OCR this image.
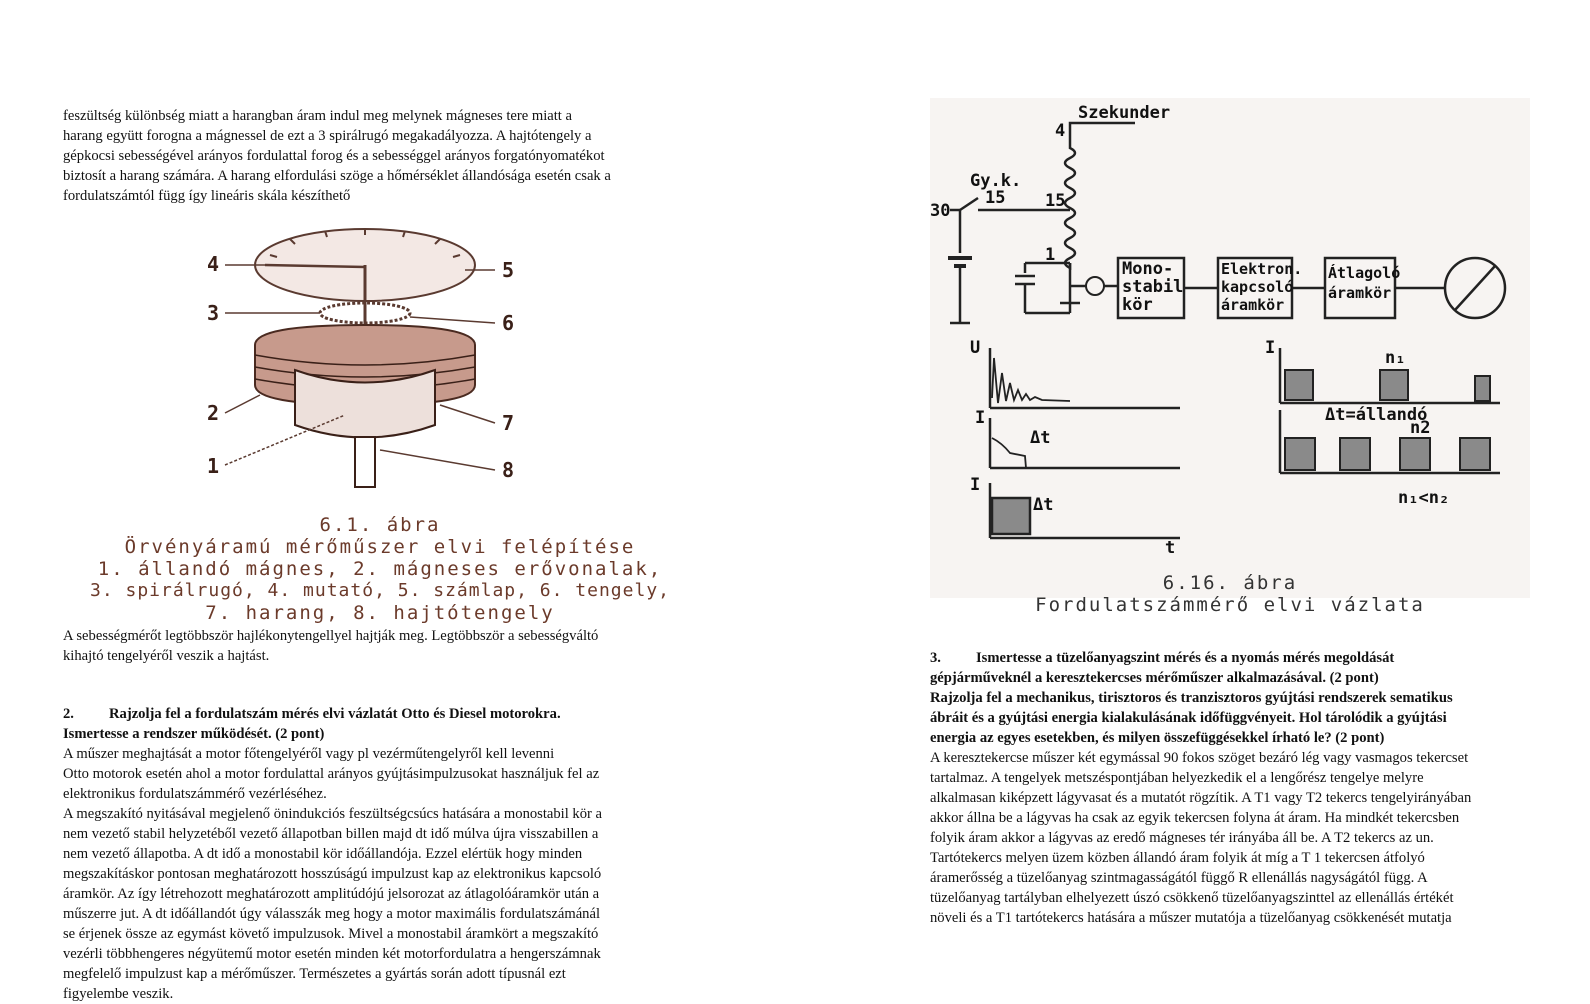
feszültség különbség miatt a harangban áram indul meg melynek mágneses tere miatt a
harang együtt forogna a mágnessel de ezt a 3 spirálrugó megakadályozza. A hajtótengely a
gépkocsi sebességével arányos fordulattal forog és a sebességgel arányos forgatónyomatékot
biztosít a harang számára. A harang elfordulási szöge a hőmérséklet állandósága esetén csak a
fordulatszámtól függ így lineáris skála készíthető
4	5
3	6
2	7
1	8
6.1. ábra
Örvényáramú mérőműszer elvi felépítése
1. állandó mágnes, 2. mágneses erővonalak,
3. spirálrugó, 4. mutató, 5. számlap, 6. tengely,
7. harang, 8. hajtótengely
A sebességmérőt legtöbbször hajlékonytengellyel hajtják meg. Legtöbbször a sebességváltó
kihajtó tengelyéről veszik a hajtást.
2. Rajzolja fel a fordulatszám mérés elvi vázlatát Otto és Diesel motorokra.
Ismertesse a rendszer működését. (2 pont)
A műszer meghajtását a motor főtengelyéről vagy pl vezérműtengelyről kell levenni
Otto motorok esetén ahol a motor fordulattal arányos gyújtásimpulzusokat használjuk fel az
elektronikus fordulatszámmérő vezérléséhez.
A megszakító nyitásával megjelenő önindukciós feszültségcsúcs hatására a monostabil kör a
nem vezető stabil helyzetéből vezető állapotban billen majd dt idő múlva újra visszabillen a
nem vezető állapotba. A dt idő a monostabil kör időállandója. Ezzel elértük hogy minden
megszakításkor pontosan meghatározott hosszúságú impulzust kap az elektronikus kapcsoló
áramkör. Az így létrehozott meghatározott amplitúdójú jelsorozat az átlagolóáramkör után a
műszerre jut. A dt időállandót úgy válasszák meg hogy a motor maximális fordulatszámánál
se érjenek össze az egymást követő impulzusok. Mivel a monostabil áramkört a megszakító
vezérli többhengeres négyütemű motor esetén minden két motorfordulatra a hengerszámnak
megfelelő impulzust kap a mérőműszer. Természetes a gyártás során adott típusnál ezt
figyelembe veszik.
Szekunder
4
Gy.k.
30
15 15
1
Mono-
stabil
kör
Elektron.
kapcsoló
áramkör
Átlagoló
áramkör
U
I
I
I
t
Δt
Δt
n₁
n2
Δt=állandó
n₁<n₂
6.16. ábra
Fordulatszámmérő elvi vázlata
3. Ismertesse a tüzelőanyagszint mérés és a nyomás mérés megoldását
gépjárműveknél a keresztekercses mérőműszer alkalmazásával. (2 pont)
Rajzolja fel a mechanikus, tirisztoros és tranzisztoros gyújtási rendszerek sematikus
ábráit és a gyújtási energia kialakulásának időfüggvényeit. Hol tárolódik a gyújtási
energia az egyes esetekben, és milyen összefüggésekkel írható le? (2 pont)
A keresztekercse műszer két egymással 90 fokos szöget bezáró lég vagy vasmagos tekercset
tartalmaz. A tengelyek metszéspontjában helyezkedik el a lengőrész tengelye melyre
alkalmasan kiképzett lágyvasat és a mutatót rögzítik. A T1 vagy T2 tekercs tengelyirányában
akkor állna be a lágyvas ha csak az egyik tekercsen folyna át áram. Ha mindkét tekercsben
folyik áram akkor a lágyvas az eredő mágneses tér irányába áll be. A T2 tekercs az un.
Tartótekercs melyen üzem közben állandó áram folyik át míg a T 1 tekercsen átfolyó
áramerősség a tüzelőanyag szintmagasságától függő R ellenállás nagyságától függ. A
tüzelőanyag tartályban elhelyezett úszó csökkenő tüzelőanyagszinttel az ellenállás értékét
növeli és a T1 tartótekercs hatására a műszer mutatója a tüzelőanyag csökkenését mutatja
